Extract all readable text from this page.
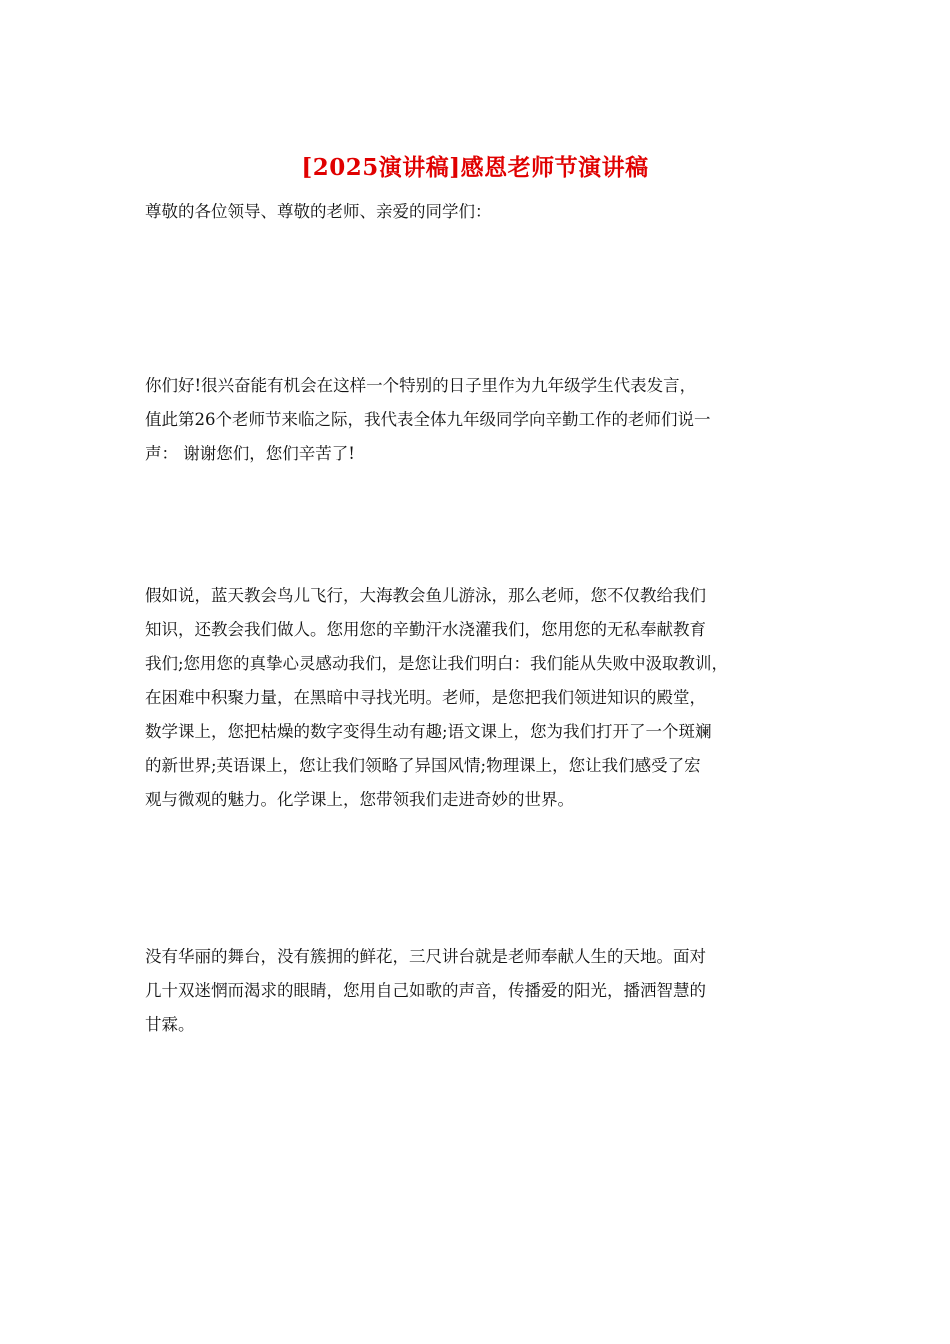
[2025演讲稿]感恩老师节演讲稿
尊敬的各位领导、尊敬的老师、亲爱的同学们：
你们好!很兴奋能有机会在这样一个特别的日子里作为九年级学生代表发言，
值此第26个老师节来临之际，我代表全体九年级同学向辛勤工作的老师们说一
声： 谢谢您们，您们辛苦了!
假如说，蓝天教会鸟儿飞行，大海教会鱼儿游泳，那么老师，您不仅教给我们
知识，还教会我们做人。您用您的辛勤汗水浇灌我们，您用您的无私奉献教育
我们;您用您的真挚心灵感动我们，是您让我们明白：我们能从失败中汲取教训，
在困难中积聚力量，在黑暗中寻找光明。老师，是您把我们领进知识的殿堂，
数学课上，您把枯燥的数字变得生动有趣;语文课上，您为我们打开了一个斑斓
的新世界;英语课上，您让我们领略了异国风情;物理课上，您让我们感受了宏
观与微观的魅力。化学课上，您带领我们走进奇妙的世界。
没有华丽的舞台，没有簇拥的鲜花，三尺讲台就是老师奉献人生的天地。面对
几十双迷惘而渴求的眼睛，您用自己如歌的声音，传播爱的阳光，播洒智慧的
甘霖。
